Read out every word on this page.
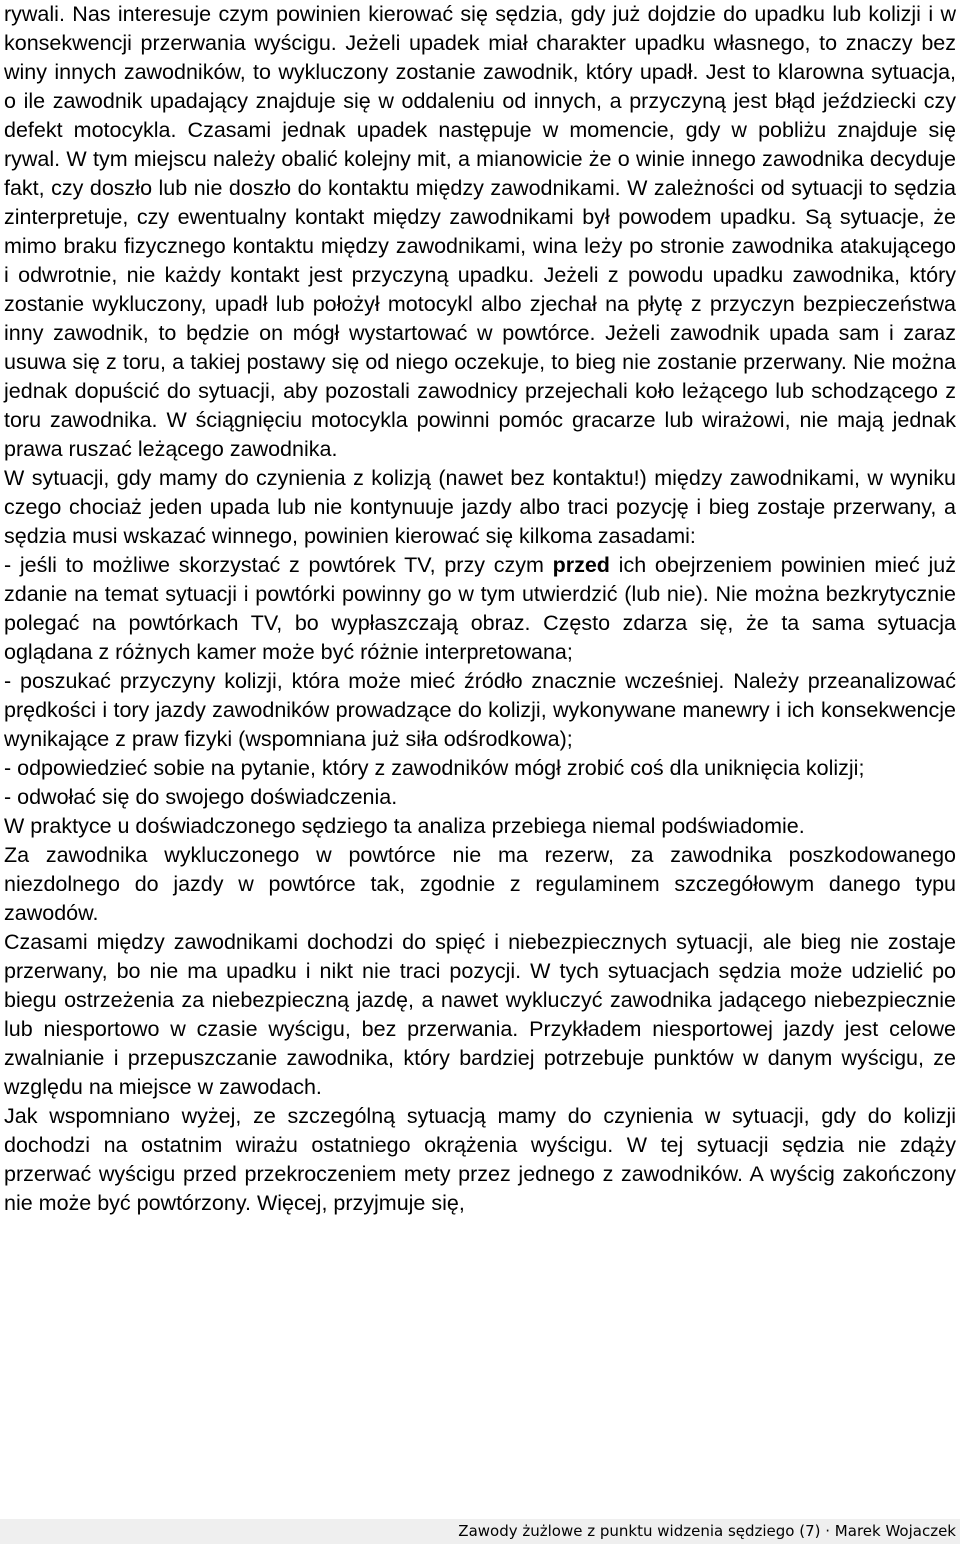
rywali. Nas interesuje czym powinien kierować się sędzia, gdy już dojdzie do upadku lub kolizji i w konsekwencji przerwania wyścigu. Jeżeli upadek miał charakter upadku własnego, to znaczy bez winy innych zawodników, to wykluczony zostanie zawodnik, który upadł. Jest to klarowna sytuacja, o ile zawodnik upadający znajduje się w oddaleniu od innych, a przyczyną jest błąd jeździecki czy defekt motocykla. Czasami jednak upadek następuje w momencie, gdy w pobliżu znajduje się rywal. W tym miejscu należy obalić kolejny mit, a mianowicie że o winie innego zawodnika decyduje fakt, czy doszło lub nie doszło do kontaktu między zawodnikami. W zależności od sytuacji to sędzia zinterpretuje, czy ewentualny kontakt między zawodnikami był powodem upadku. Są sytuacje, że mimo braku fizycznego kontaktu między zawodnikami, wina leży po stronie zawodnika atakującego i odwrotnie, nie każdy kontakt jest przyczyną upadku. Jeżeli z powodu upadku zawodnika, który zostanie wykluczony, upadł lub położył motocykl albo zjechał na płytę z przyczyn bezpieczeństwa inny zawodnik, to będzie on mógł wystartować w powtórce. Jeżeli zawodnik upada sam i zaraz usuwa się z toru, a takiej postawy się od niego oczekuje, to bieg nie zostanie przerwany. Nie można jednak dopuścić do sytuacji, aby pozostali zawodnicy przejechali koło leżącego lub schodzącego z toru zawodnika. W ściągnięciu motocykla powinni pomóc gracarze lub wirażowi, nie mają jednak prawa ruszać leżącego zawodnika.

W sytuacji, gdy mamy do czynienia z kolizją (nawet bez kontaktu!) między zawodnikami, w wyniku czego chociaż jeden upada lub nie kontynuuje jazdy albo traci pozycję i bieg zostaje przerwany, a sędzia musi wskazać winnego, powinien kierować się kilkoma zasadami:

- jeśli to możliwe skorzystać z powtórek TV, przy czym przed ich obejrzeniem powinien mieć już zdanie na temat sytuacji i powtórki powinny go w tym utwierdzić (lub nie). Nie można bezkrytycznie polegać na powtórkach TV, bo wypłaszczają obraz. Często zdarza się, że ta sama sytuacja oglądana z różnych kamer może być różnie interpretowana;

- poszukać przyczyny kolizji, która może mieć źródło znacznie wcześniej. Należy przeanalizować prędkości i tory jazdy zawodników prowadzące do kolizji, wykonywane manewry i ich konsekwencje wynikające z praw fizyki (wspomniana już siła odśrodkowa);

- odpowiedzieć sobie na pytanie, który z zawodników mógł zrobić coś dla uniknięcia kolizji;

- odwołać się do swojego doświadczenia.

W praktyce u doświadczonego sędziego ta analiza przebiega niemal podświadomie.

Za zawodnika wykluczonego w powtórce nie ma rezerw, za zawodnika poszkodowanego niezdolnego do jazdy w powtórce tak, zgodnie z regulaminem szczegółowym danego typu zawodów.

Czasami między zawodnikami dochodzi do spięć i niebezpiecznych sytuacji, ale bieg nie zostaje przerwany, bo nie ma upadku i nikt nie traci pozycji. W tych sytuacjach sędzia może udzielić po biegu ostrzeżenia za niebezpieczną jazdę, a nawet wykluczyć zawodnika jadącego niebezpiecznie lub niesportowo w czasie wyścigu, bez przerwania. Przykładem niesportowej jazdy jest celowe zwalnianie i przepuszczanie zawodnika, który bardziej potrzebuje punktów w danym wyścigu, ze względu na miejsce w zawodach.

Jak wspomniano wyżej, ze szczególną sytuacją mamy do czynienia w sytuacji, gdy do kolizji dochodzi na ostatnim wirażu ostatniego okrążenia wyścigu. W tej sytuacji sędzia nie zdąży przerwać wyścigu przed przekroczeniem mety przez jednego z zawodników. A wyścig zakończony nie może być powtórzony. Więcej, przyjmuje się,

Zawody żużlowe z punktu widzenia sędziego (7) · Marek Wojaczek
